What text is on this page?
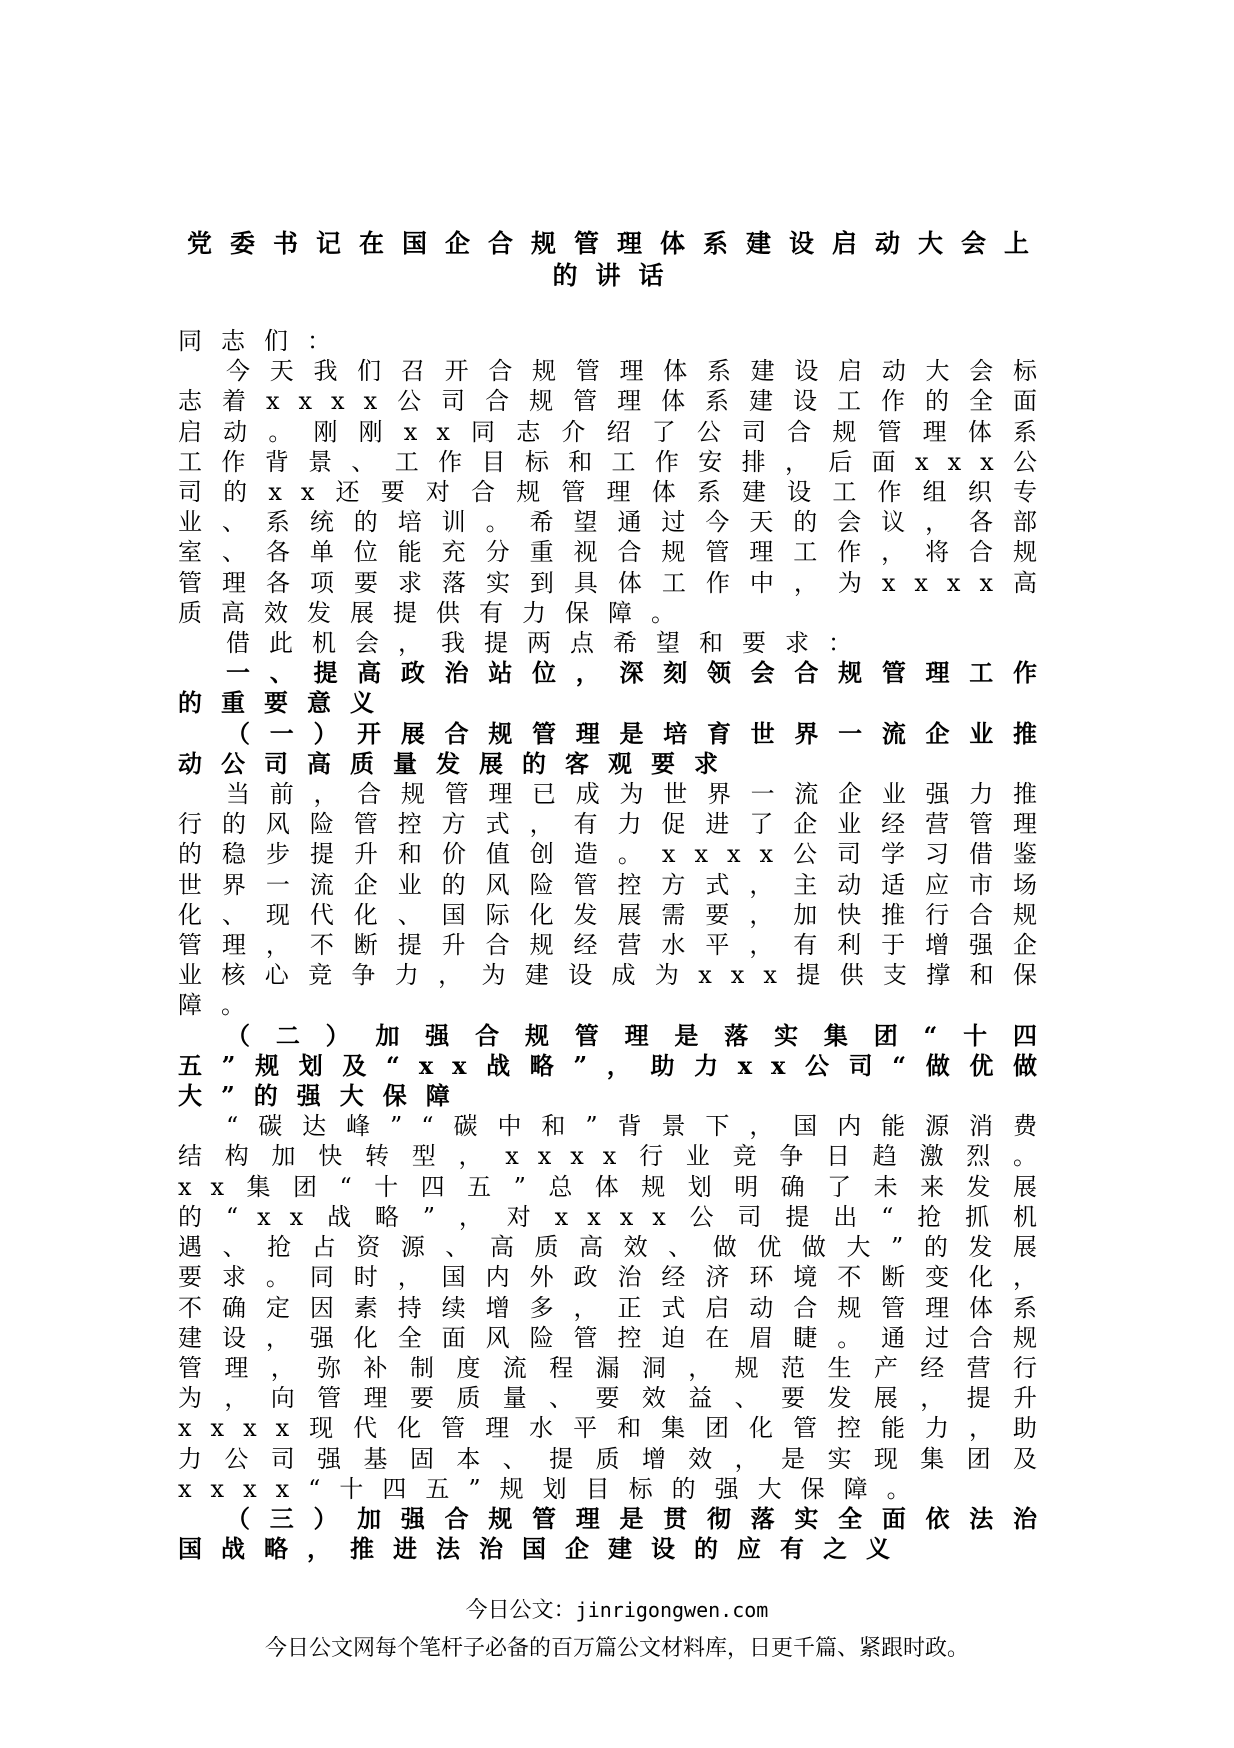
党委书记在国企合规管理体系建设启动大会上
的讲话

同志们：

今天我们召开合规管理体系建设启动大会标志着xxxx公司合规管理体系建设工作的全面启动。刚刚xx同志介绍了公司合规管理体系工作背景、工作目标和工作安排，后面xxx公司的xx还要对合规管理体系建设工作组织专业、系统的培训。希望通过今天的会议，各部室、各单位能充分重视合规管理工作，将合规管理各项要求落实到具体工作中，为xxxx高质高效发展提供有力保障。

借此机会，我提两点希望和要求：

一、提高政治站位，深刻领会合规管理工作的重要意义

（一）开展合规管理是培育世界一流企业推动公司高质量发展的客观要求

当前，合规管理已成为世界一流企业强力推行的风险管控方式，有力促进了企业经营管理的稳步提升和价值创造。xxxx公司学习借鉴世界一流企业的风险管控方式，主动适应市场化、现代化、国际化发展需要，加快推行合规管理，不断提升合规经营水平，有利于增强企业核心竞争力，为建设成为xxx提供支撑和保障。

（二）加强合规管理是落实集团“十四五”规划及“xx战略”，助力xx公司“做优做大”的强大保障

“碳达峰”“碳中和”背景下，国内能源消费结构加快转型，xxxx行业竞争日趋激烈。xx集团“十四五”总体规划明确了未来发展的“xx战略”，对xxxx公司提出“抢抓机遇、抢占资源、高质高效、做优做大”的发展要求。同时，国内外政治经济环境不断变化，不确定因素持续增多，正式启动合规管理体系建设，强化全面风险管控迫在眉睫。通过合规管理，弥补制度流程漏洞，规范生产经营行为，向管理要质量、要效益、要发展，提升xxxx现代化管理水平和集团化管控能力，助力公司强基固本、提质增效，是实现集团及xxxx“十四五”规划目标的强大保障。

（三）加强合规管理是贯彻落实全面依法治国战略，推进法治国企建设的应有之义

今日公文：jinrigongwen.com
今日公文网每个笔杆子必备的百万篇公文材料库，日更千篇、紧跟时政。
